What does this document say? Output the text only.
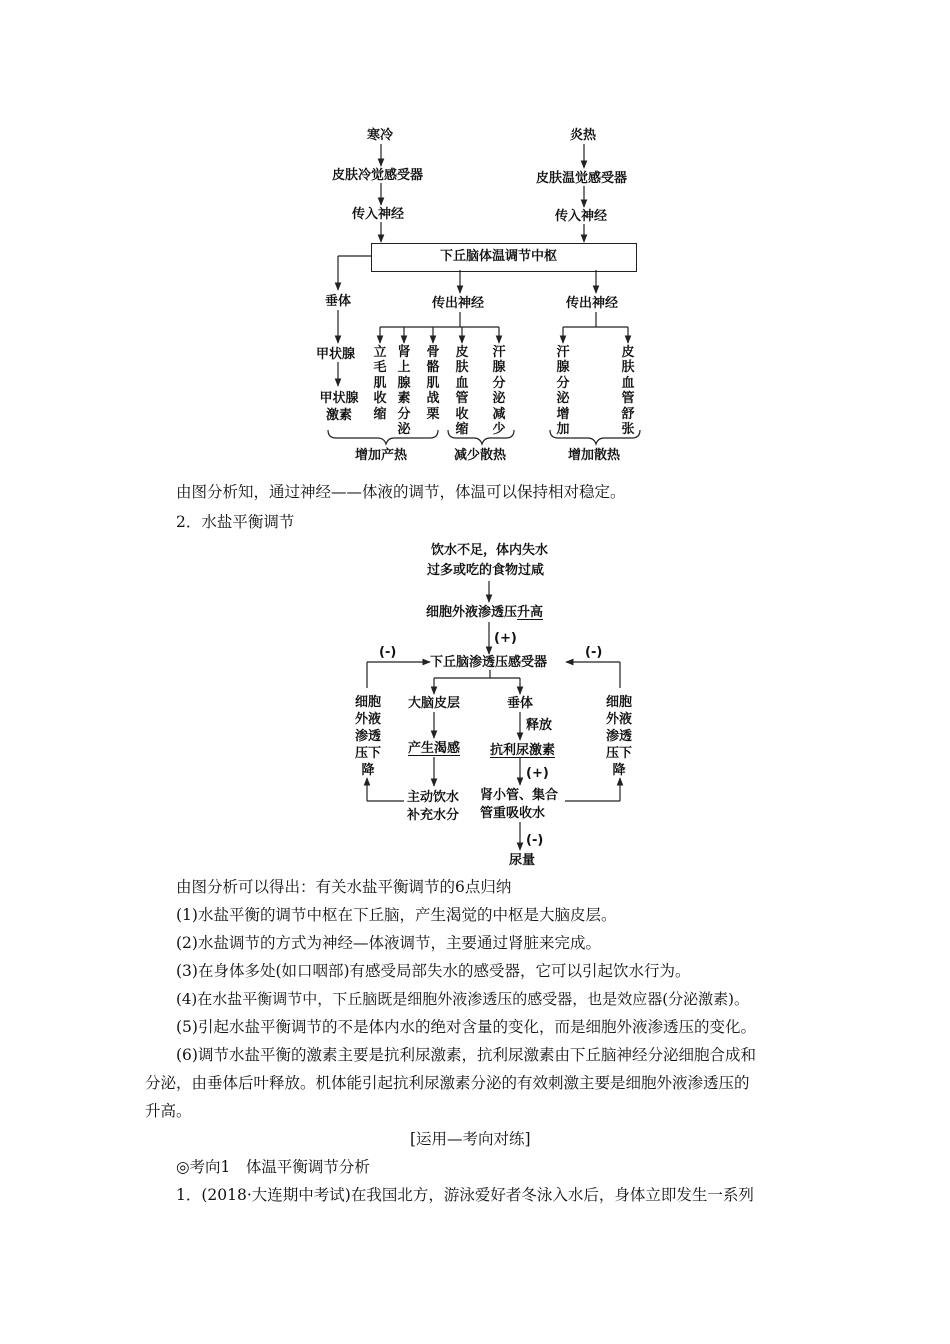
寒冷	炎热
皮肤冷觉感受器	皮肤温觉感受器
传入神经	传入神经
下丘脑体温调节中枢
垂体	传出神经	传出神经
甲状腺
甲状腺激素
立毛肌收缩
肾上腺素分泌
骨骼肌战栗
皮肤血管收缩
汗腺分泌减少
汗腺分泌增加
皮肤血管舒张
增加产热	减少散热	增加散热
由图分析知，通过神经——体液的调节，体温可以保持相对稳定。
2．水盐平衡调节
饮水不足，体内失水
过多或吃的食物过咸
细胞外液渗透压升高
(+)
(-)	(-)
下丘脑渗透压感受器
细胞外液渗透压下降
细胞外液渗透压下降
大脑皮层
产生渴感
主动饮水
补充水分
垂体
释放
抗利尿激素
(+)
肾小管、集合
管重吸收水
(-)
尿量
由图分析可以得出：有关水盐平衡调节的6点归纳
(1)水盐平衡的调节中枢在下丘脑，产生渴觉的中枢是大脑皮层。
(2)水盐调节的方式为神经—体液调节，主要通过肾脏来完成。
(3)在身体多处(如口咽部)有感受局部失水的感受器，它可以引起饮水行为。
(4)在水盐平衡调节中，下丘脑既是细胞外液渗透压的感受器，也是效应器(分泌激素)。
(5)引起水盐平衡调节的不是体内水的绝对含量的变化，而是细胞外液渗透压的变化。
(6)调节水盐平衡的激素主要是抗利尿激素，抗利尿激素由下丘脑神经分泌细胞合成和
分泌，由垂体后叶释放。机体能引起抗利尿激素分泌的有效刺激主要是细胞外液渗透压的
升高。
[运用—考向对练]
◎考向1　体温平衡调节分析
1．(2018·大连期中考试)在我国北方，游泳爱好者冬泳入水后，身体立即发生一系列
